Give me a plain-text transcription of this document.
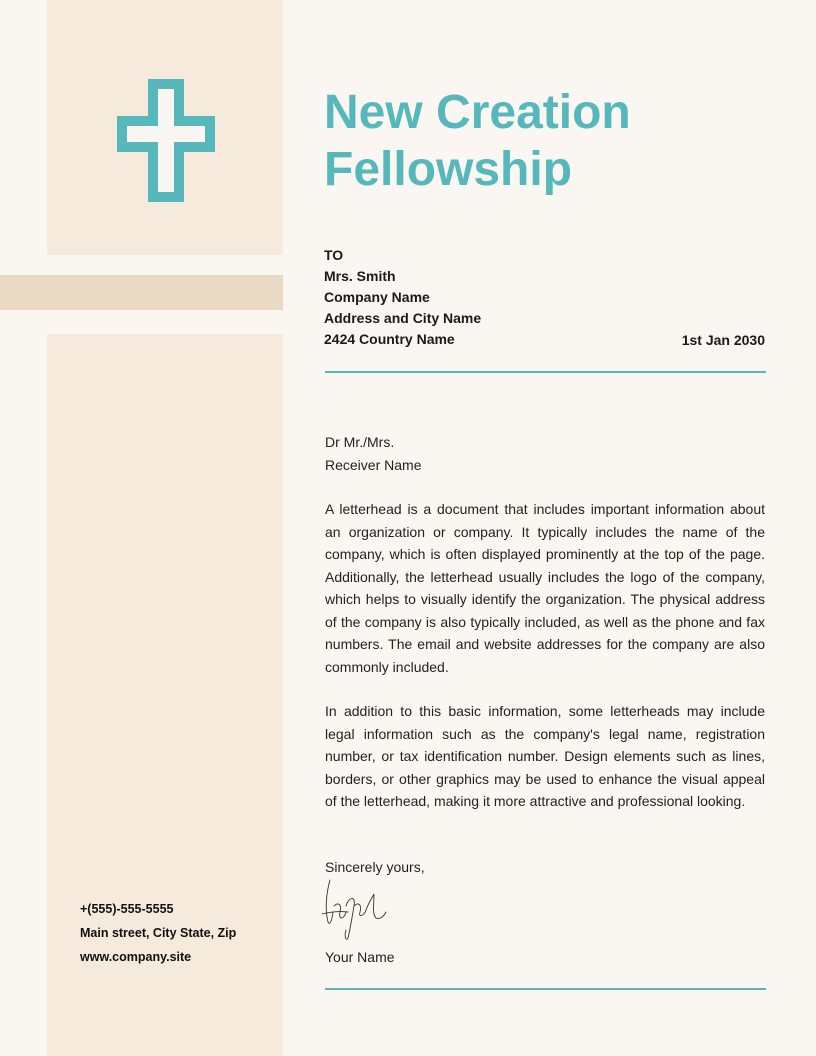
New Creation
Fellowship
TO
Mrs. Smith
Company Name
Address and City Name
2424 Country Name	1st Jan 2030
Dr Mr./Mrs.
Receiver Name

A letterhead is a document that includes important information about an organization or company. It typically includes the name of the company, which is often displayed prominently at the top of the page. Additionally, the letterhead usually includes the logo of the company, which helps to visually identify the organization. The physical address of the company is also typically included, as well as the phone and fax numbers. The email and website addresses for the company are also commonly included.

In addition to this basic information, some letterheads may include legal information such as the company's legal name, registration number, or tax identification number. Design elements such as lines, borders, or other graphics may be used to enhance the visual appeal of the letterhead, making it more attractive and professional looking.

Sincerely yours,
Your Name
+(555)-555-5555
Main street, City State, Zip
www.company.site
